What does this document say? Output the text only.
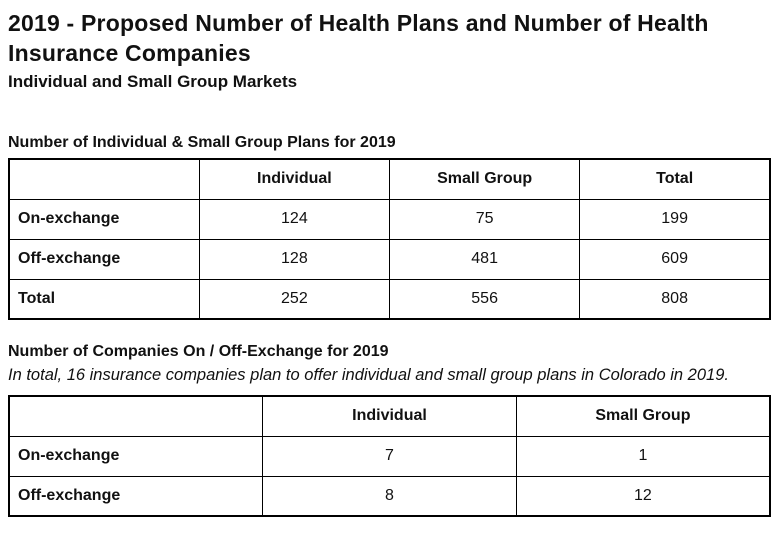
2019 - Proposed Number of Health Plans and Number of Health Insurance Companies
Individual and Small Group Markets
Number of Individual & Small Group Plans for 2019
	Individual	Small Group	Total
On-exchange	124	75	199
Off-exchange	128	481	609
Total	252	556	808
Number of Companies On / Off-Exchange for 2019
In total, 16 insurance companies plan to offer individual and small group plans in Colorado in 2019.
	Individual	Small Group
On-exchange	7	1
Off-exchange	8	12
